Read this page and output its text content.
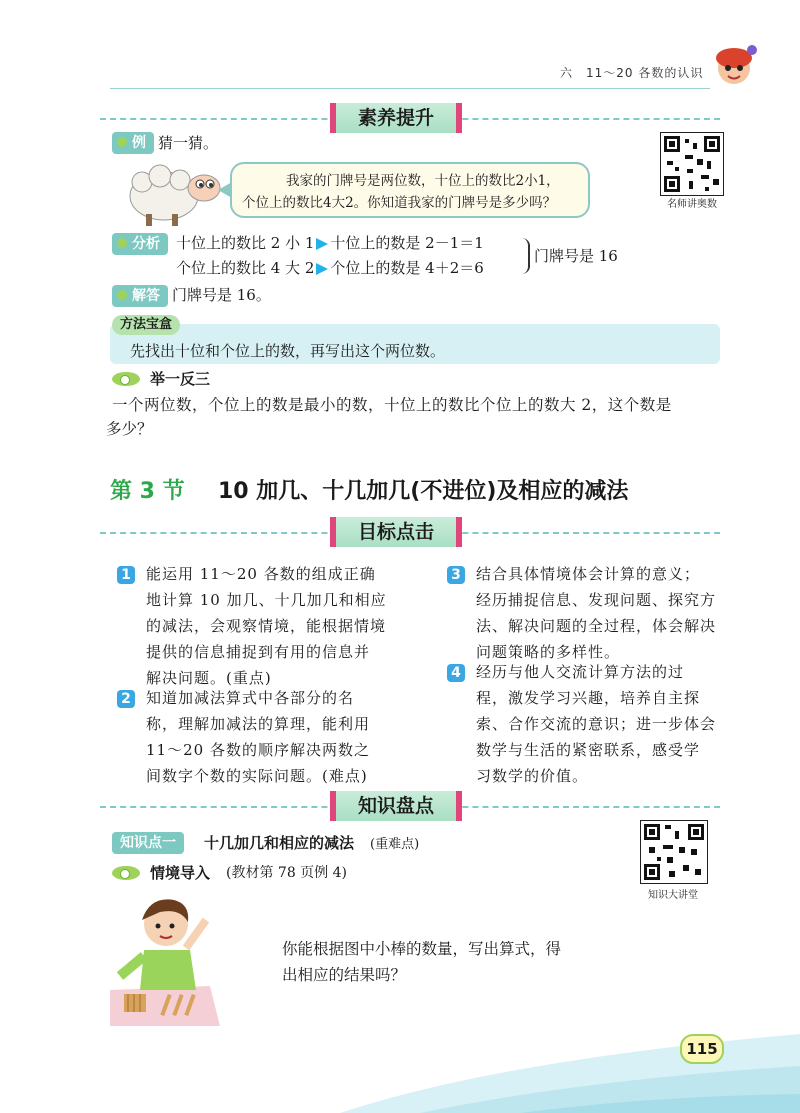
六　11～20 各数的认识
素养提升
例 猜一猜。
我家的门牌号是两位数，十位上的数比2小1，
个位上的数比4大2。你知道我家的门牌号是多少吗？	名师讲奥数
分析	十位上的数比 2 小 1 十位上的数是 2－1＝1
个位上的数比 4 大 2 个位上的数是 4＋2＝6
门牌号是 16
解答 门牌号是 16。
方法宝盒
先找出十位和个位上的数，再写出这个两位数。
举一反三
一个两位数，个位上的数是最小的数，十位上的数比个位上的数大 2，这个数是
多少？
第 3 节 10 加几、十几加几(不进位)及相应的减法
目标点击
1 能运用 11～20 各数的组成正确
地计算 10 加几、十几加几和相应
的减法，会观察情境，能根据情境
提供的信息捕捉到有用的信息并
解决问题。(重点)
2 知道加减法算式中各部分的名
称，理解加减法的算理，能利用
11～20 各数的顺序解决两数之
间数字个数的实际问题。(难点)
3 结合具体情境体会计算的意义；
经历捕捉信息、发现问题、探究方
法、解决问题的全过程，体会解决
问题策略的多样性。
4 经历与他人交流计算方法的过
程，激发学习兴趣，培养自主探
索、合作交流的意识；进一步体会
数学与生活的紧密联系，感受学
习数学的价值。
知识盘点
知识点一	十几加几和相应的减法 (重难点)
情境导入 (教材第 78 页例 4)
知识大讲堂
你能根据图中小棒的数量，写出算式，得
出相应的结果吗？
115
